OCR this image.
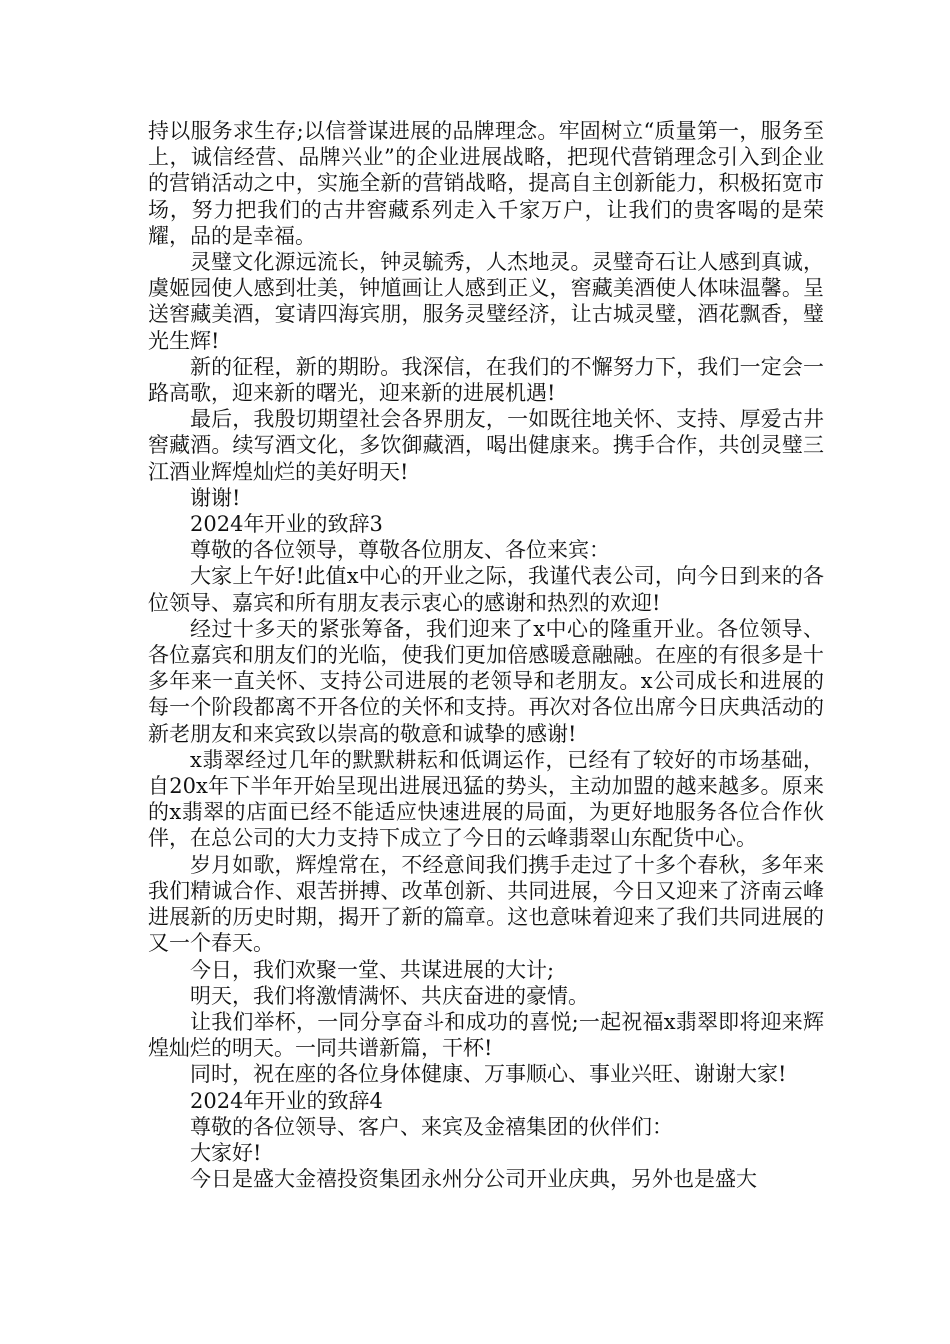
持以服务求生存;以信誉谋进展的品牌理念。牢固树立“质量第一，服务至上，诚信经营、品牌兴业”的企业进展战略，把现代营销理念引入到企业的营销活动之中，实施全新的营销战略，提高自主创新能力，积极拓宽市场，努力把我们的古井窖藏系列走入千家万户，让我们的贵客喝的是荣耀，品的是幸福。

灵璧文化源远流长，钟灵毓秀，人杰地灵。灵璧奇石让人感到真诚，虞姬园使人感到壮美，钟馗画让人感到正义，窖藏美酒使人体味温馨。呈送窖藏美酒，宴请四海宾朋，服务灵璧经济，让古城灵璧，酒花飘香，璧光生辉!

新的征程，新的期盼。我深信，在我们的不懈努力下，我们一定会一路高歌，迎来新的曙光，迎来新的进展机遇!

最后，我殷切期望社会各界朋友，一如既往地关怀、支持、厚爱古井窖藏酒。续写酒文化，多饮御藏酒，喝出健康来。携手合作，共创灵璧三江酒业辉煌灿烂的美好明天!

谢谢!

2024年开业的致辞3

尊敬的各位领导，尊敬各位朋友、各位来宾：

大家上午好!此值x中心的开业之际，我谨代表公司，向今日到来的各位领导、嘉宾和所有朋友表示衷心的感谢和热烈的欢迎!

经过十多天的紧张筹备，我们迎来了x中心的隆重开业。各位领导、各位嘉宾和朋友们的光临，使我们更加倍感暖意融融。在座的有很多是十多年来一直关怀、支持公司进展的老领导和老朋友。x公司成长和进展的每一个阶段都离不开各位的关怀和支持。再次对各位出席今日庆典活动的新老朋友和来宾致以崇高的敬意和诚挚的感谢!

x翡翠经过几年的默默耕耘和低调运作，已经有了较好的市场基础，自20x年下半年开始呈现出进展迅猛的势头，主动加盟的越来越多。原来的x翡翠的店面已经不能适应快速进展的局面，为更好地服务各位合作伙伴，在总公司的大力支持下成立了今日的云峰翡翠山东配货中心。

岁月如歌，辉煌常在，不经意间我们携手走过了十多个春秋，多年来我们精诚合作、艰苦拼搏、改革创新、共同进展，今日又迎来了济南云峰进展新的历史时期，揭开了新的篇章。这也意味着迎来了我们共同进展的又一个春天。

今日，我们欢聚一堂、共谋进展的大计;

明天，我们将激情满怀、共庆奋进的豪情。

让我们举杯，一同分享奋斗和成功的喜悦;一起祝福x翡翠即将迎来辉煌灿烂的明天。一同共谱新篇，干杯!

同时，祝在座的各位身体健康、万事顺心、事业兴旺、谢谢大家!

2024年开业的致辞4

尊敬的各位领导、客户、来宾及金禧集团的伙伴们：

大家好!

今日是盛大金禧投资集团永州分公司开业庆典，另外也是盛大
